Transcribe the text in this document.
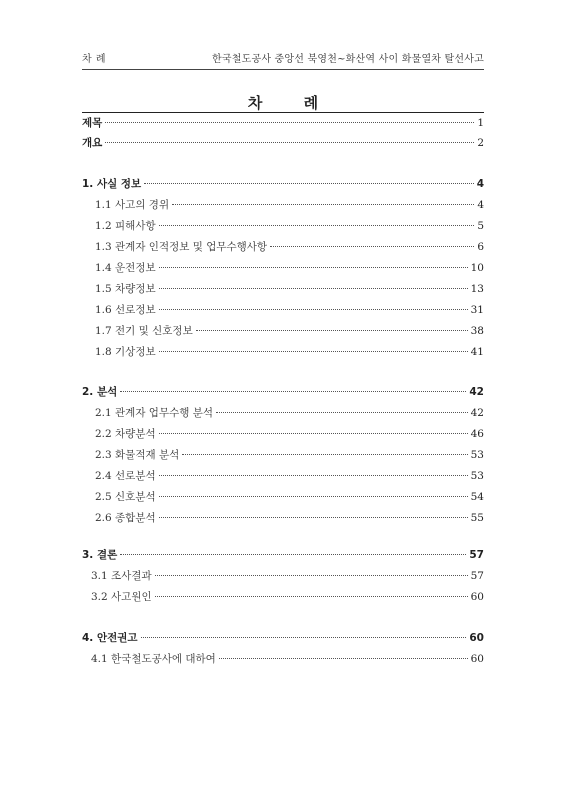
차 례	한국철도공사 중앙선 북영천~화산역 사이 화물열차 탈선사고
차 례
제목	1
개요	2
1. 사실 정보	4
1.1 사고의 경위	4
1.2 피해사항	5
1.3 관계자 인적정보 및 업무수행사항	6
1.4 운전정보	10
1.5 차량정보	13
1.6 선로정보	31
1.7 전기 및 신호정보	38
1.8 기상정보	41
2. 분석	42
2.1 관계자 업무수행 분석	42
2.2 차량분석	46
2.3 화물적재 분석	53
2.4 선로분석	53
2.5 신호분석	54
2.6 종합분석	55
3. 결론	57
3.1 조사결과	57
3.2 사고원인	60
4. 안전권고	60
4.1 한국철도공사에 대하여	60
